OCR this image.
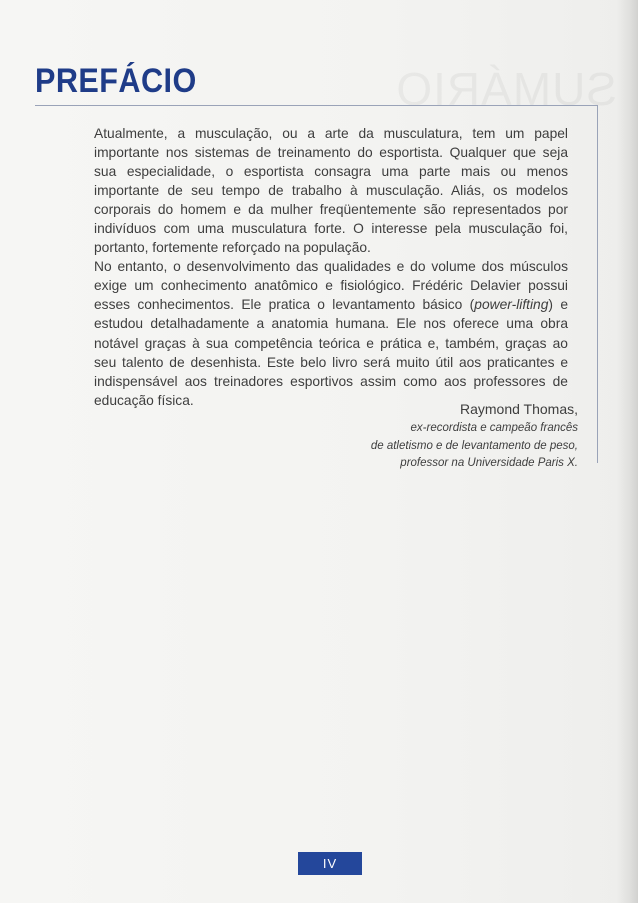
PREFÁCIO

Atualmente, a musculação, ou a arte da musculatura, tem um papel importante nos sistemas de treinamento do esportista. Qualquer que seja sua especialidade, o esportista consagra uma parte mais ou menos importante de seu tempo de trabalho à musculação. Aliás, os modelos corporais do homem e da mulher freqüentemente são representados por indivíduos com uma musculatura forte. O interesse pela musculação foi, portanto, fortemente reforçado na população.

No entanto, o desenvolvimento das qualidades e do volume dos músculos exige um conhecimento anatômico e fisiológico. Frédéric Delavier possui esses conhecimentos. Ele pratica o levantamento básico (power-lifting) e estudou detalhadamente a anatomia humana. Ele nos oferece uma obra notável graças à sua competência teórica e prática e, também, graças ao seu talento de desenhista. Este belo livro será muito útil aos praticantes e indispensável aos treinadores esportivos assim como aos professores de educação física.

Raymond Thomas,
ex-recordista e campeão francês
de atletismo e de levantamento de peso,
professor na Universidade Paris X.
IV
